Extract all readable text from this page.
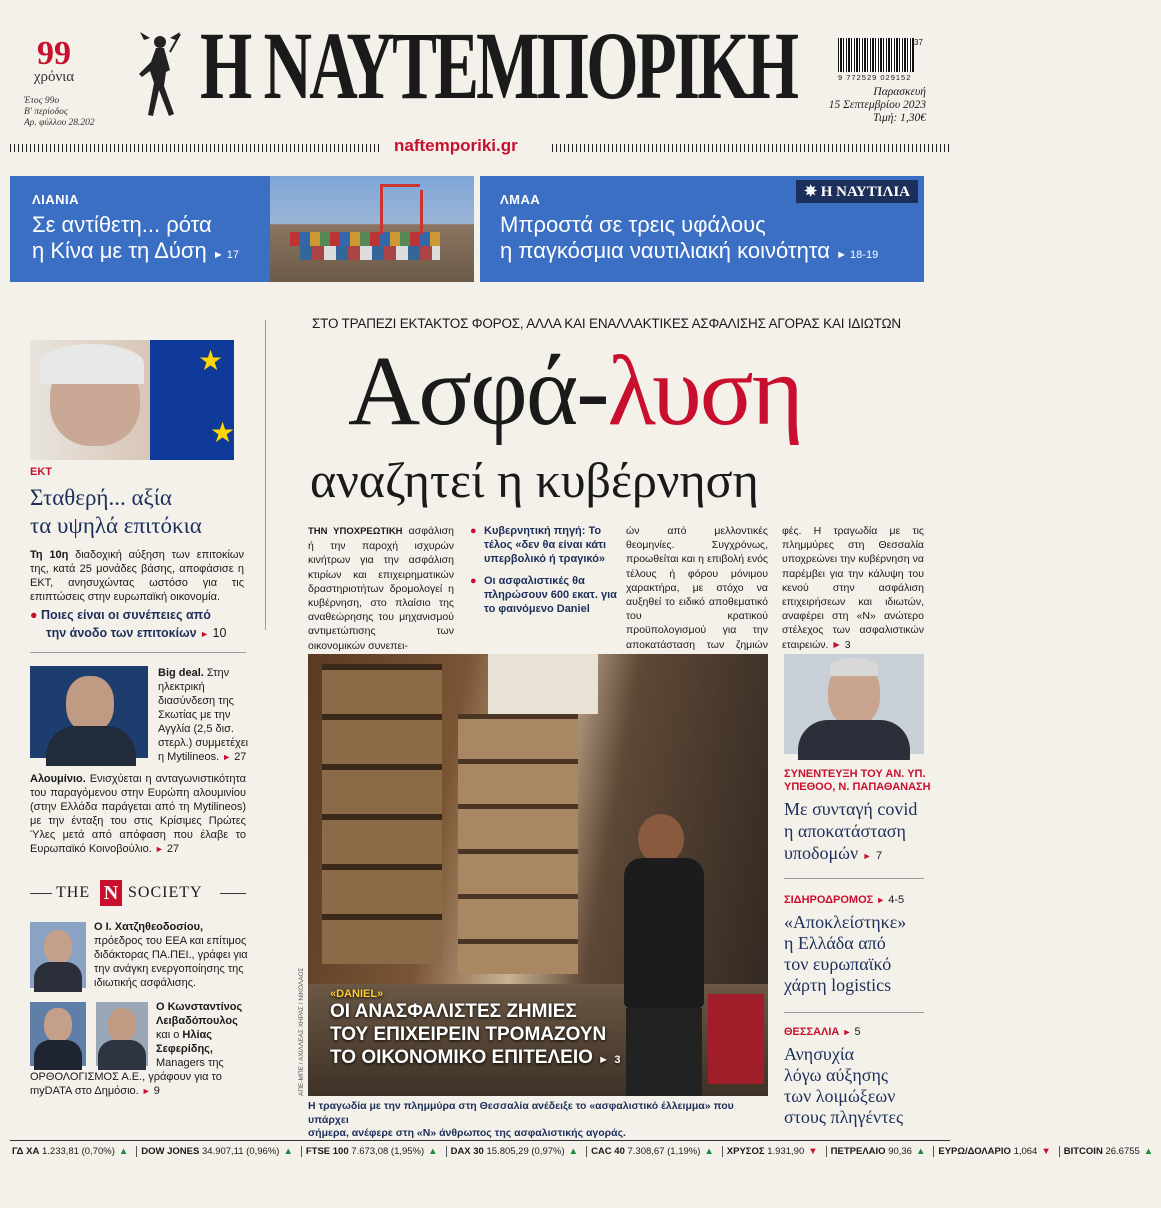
99
χρόνια
Έτος 99ο
Β' περίοδος
Αρ. φύλλου 28.202
Η ΝΑΥΤΕΜΠΟΡΙΚΗ	37
9 772529 029152
Παρασκευή
15 Σεπτεμβρίου 2023
Τιμή: 1,30€
naftemporiki.gr
ΛΙΑΝΙΑ
Σε αντίθετη... ρότα
η Κίνα με τη Δύση ► 17
ΛΜΑΑ
Μπροστά σε τρεις υφάλους
η παγκόσμια ναυτιλιακή κοινότητα ► 18-19
✵ Η ΝΑΥΤΙΛΙΑ
ΣΤΟ ΤΡΑΠΕΖΙ ΕΚΤΑΚΤΟΣ ΦΟΡΟΣ, ΑΛΛΑ ΚΑΙ ΕΝΑΛΛΑΚΤΙΚΕΣ ΑΣΦΑΛΙΣΗΣ ΑΓΟΡΑΣ ΚΑΙ ΙΔΙΩΤΩΝ
Ασφά-λυση
αναζητεί η κυβέρνηση
ΤΗΝ ΥΠΟΧΡΕΩΤΙΚΗ ασφάλιση ή την παροχή ισχυρών κινήτρων για την ασφάλιση κτιρίων και επιχειρηματικών δραστηριοτήτων δρομολογεί η κυβέρνηση, στο πλαίσιο της αναθεώρησης του μηχανισμού αντιμετώπισης των οικονομικών συνεπει-
● Κυβερνητική πηγή: Το τέλος «δεν θα είναι κάτι υπερβολικό ή τραγικό»
● Οι ασφαλιστικές θα πληρώσουν 600 εκατ. για το φαινόμενο Daniel
ών από μελλοντικές θεομηνίες. Συγχρόνως, προωθείται και η επιβολή ενός τέλους ή φόρου μόνιμου χαρακτήρα, με στόχο να αυξηθεί το ειδικό αποθεματικό του κρατικού προϋπολογισμού για την αποκατάσταση των ζημιών
φές. Η τραγωδία με τις πλημμύρες στη Θεσσαλία υποχρεώνει την κυβέρνηση να παρέμβει για την κάλυψη του κενού στην ασφάλιση επιχειρήσεων και ιδιωτών, αναφέρει στη «Ν» ανώτερο στέλεχος των ασφαλιστικών εταιρειών. ► 3
ΑΠΕ-ΜΠΕ / ΑΧΙΛΛΕΑΣ ΧΗΡΑΣ / ΝΙΚΟΛΑΟΣ «DANIEL»
ΟΙ ΑΝΑΣΦΑΛΙΣΤΕΣ ΖΗΜΙΕΣ
ΤΟΥ ΕΠΙΧΕΙΡΕΙΝ ΤΡΟΜΑΖΟΥΝ
ΤΟ ΟΙΚΟΝΟΜΙΚΟ ΕΠΙΤΕΛΕΙΟ ► 3
Η τραγωδία με την πλημμύρα στη Θεσσαλία ανέδειξε το «ασφαλιστικό έλλειμμα» που υπάρχει
σήμερα, ανέφερε στη «Ν» άνθρωπος της ασφαλιστικής αγοράς.
★
★
ΕΚΤ
Σταθερή... αξία
τα υψηλά επιτόκια

Τη 10η διαδοχική αύξηση των επιτοκίων της, κατά 25 μονάδες βάσης, αποφάσισε η ΕΚΤ, ανησυχώντας ωστόσο για τις επιπτώσεις στην ευρωπαϊκή οικονομία.

● Ποιες είναι οι συνέπειες από
την άνοδο των επιτοκίων ► 10

Big deal. Στην ηλεκτρική διασύνδεση της Σκωτίας με την Αγγλία (2,5 δισ. στερλ.) συμμετέχει η Mytilineos. ► 27

Αλουμίνιο. Ενισχύεται η ανταγωνιστικότητα του παραγόμενου στην Ευρώπη αλουμινίου (στην Ελλάδα παράγεται από τη Mytilineos) με την ένταξη του στις Κρίσιμες Πρώτες Ύλες μετά από απόφαση που έλαβε το Ευρωπαϊκό Κοινοβούλιο. ► 27

THE N SOCIETY

Ο Ι. Χατζηθεοδοσίου, πρόεδρος του ΕΕΑ και επίτιμος διδάκτορας ΠΑ.ΠΕΙ., γράφει για την ανάγκη ενεργοποίησης της ιδιωτικής ασφάλισης.

Ο Κωνσταντίνος Λειβαδόπουλος και ο Ηλίας Σεφερίδης, Managers της

ΟΡΘΟΛΟΓΙΣΜΟΣ Α.Ε., γράφουν για το myDATA στο Δημόσιο. ► 9

ΣΥΝΕΝΤΕΥΞΗ ΤΟΥ ΑΝ. ΥΠ.
ΥΠΕΘΟΟ, Ν. ΠΑΠΑΘΑΝΑΣΗ
Με συνταγή covid
η αποκατάσταση
υποδομών ► 7
ΣΙΔΗΡΟΔΡΟΜΟΣ ► 4-5
«Αποκλείστηκε»
η Ελλάδα από
τον ευρωπαϊκό
χάρτη logistics
ΘΕΣΣΑΛΙΑ ► 5
Ανησυχία
λόγω αύξησης
των λοιμώξεων
στους πληγέντες
ΓΔ ΧΑ 1.233,81 (0,70%) ▲	DOW JONES 34.907,11 (0,96%) ▲	FTSE 100 7.673,08 (1,95%) ▲	DAX 30 15.805,29 (0,97%) ▲	CAC 40 7.308,67 (1,19%) ▲	ΧΡΥΣΟΣ 1.931,90 ▼	ΠΕΤΡΕΛΑΙΟ 90,36 ▲	ΕΥΡΩ/ΔΟΛΑΡΙΟ 1,064 ▼	BITCOIN 26.6755 ▲
